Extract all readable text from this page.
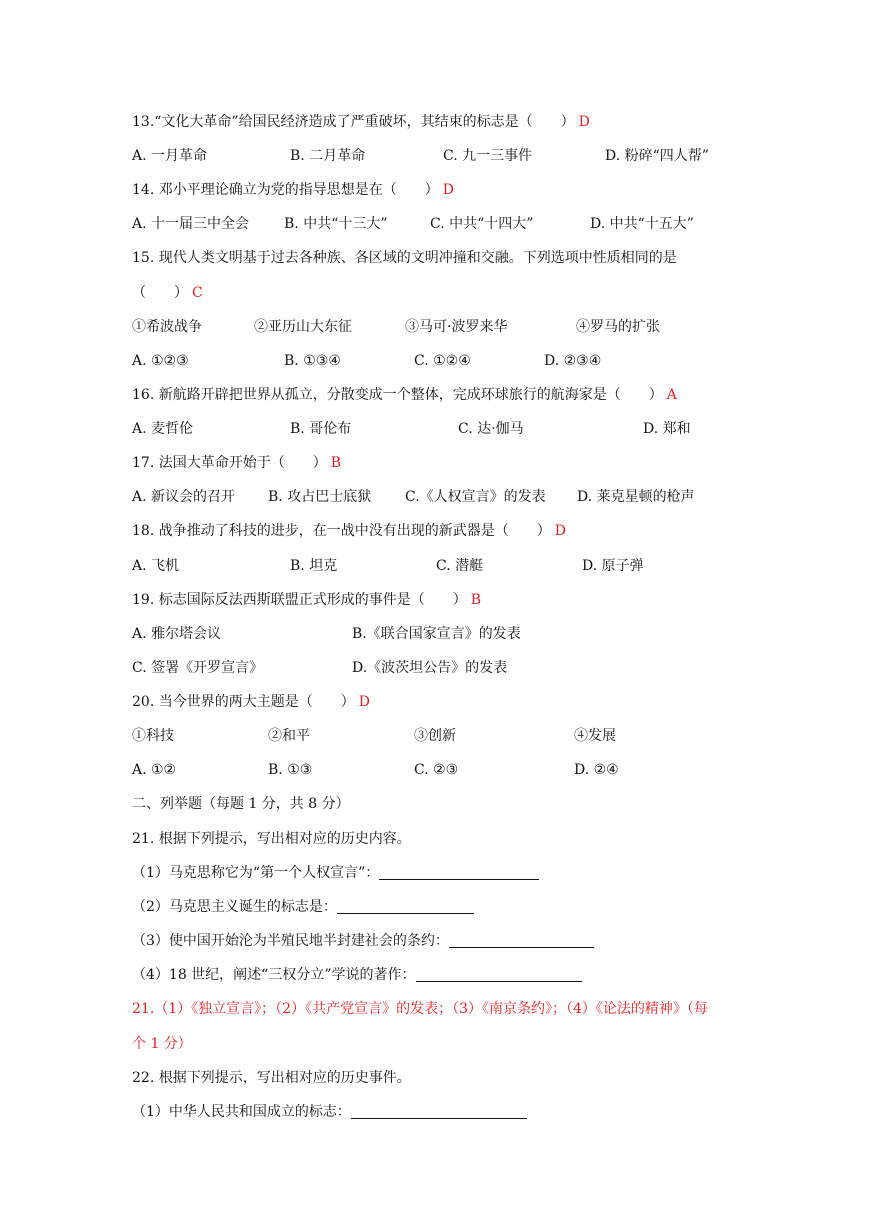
13.“文化大革命”给国民经济造成了严重破坏，其结束的标志是（　　） D
A. 一月革命	B. 二月革命	C. 九一三事件	D. 粉碎“四人帮”
14. 邓小平理论确立为党的指导思想是在（　　） D
A. 十一届三中全会 B. 中共“十三大”	C. 中共“十四大”	D. 中共“十五大”
15. 现代人类文明基于过去各种族、各区域的文明冲撞和交融。下列选项中性质相同的是
（　　） C
①希波战争	②亚历山大东征	③马可·波罗来华	④罗马的扩张
A. ①②③	B. ①③④	C. ①②④	D. ②③④
16. 新航路开辟把世界从孤立，分散变成一个整体，完成环球旅行的航海家是（　　） A
A. 麦哲伦	B. 哥伦布	C. 达·伽马	D. 郑和
17. 法国大革命开始于（　　） B
A. 新议会的召开 B. 攻占巴士底狱 C.《人权宣言》的发表 D. 莱克星顿的枪声
18. 战争推动了科技的进步，在一战中没有出现的新武器是（　　） D
A. 飞机	B. 坦克	C. 潜艇	D. 原子弹
19. 标志国际反法西斯联盟正式形成的事件是（　　） B
A. 雅尔塔会议	B.《联合国家宣言》的发表
C. 签署《开罗宣言》	D.《波茨坦公告》的发表
20. 当今世界的两大主题是（　　） D
①科技	②和平	③创新	④发展
A. ①②	B. ①③	C. ②③	D. ②④
二、列举题（每题 1 分，共 8 分）
21. 根据下列提示，写出相对应的历史内容。
（1）马克思称它为“第一个人权宣言”：
（2）马克思主义诞生的标志是：
（3）使中国开始沦为半殖民地半封建社会的条约：
（4）18 世纪，阐述“三权分立”学说的著作：
21.（1）《独立宣言》；（2）《共产党宣言》的发表；（3）《南京条约》；（4）《论法的精神》（每
个 1 分）
22. 根据下列提示，写出相对应的历史事件。
（1）中华人民共和国成立的标志：
